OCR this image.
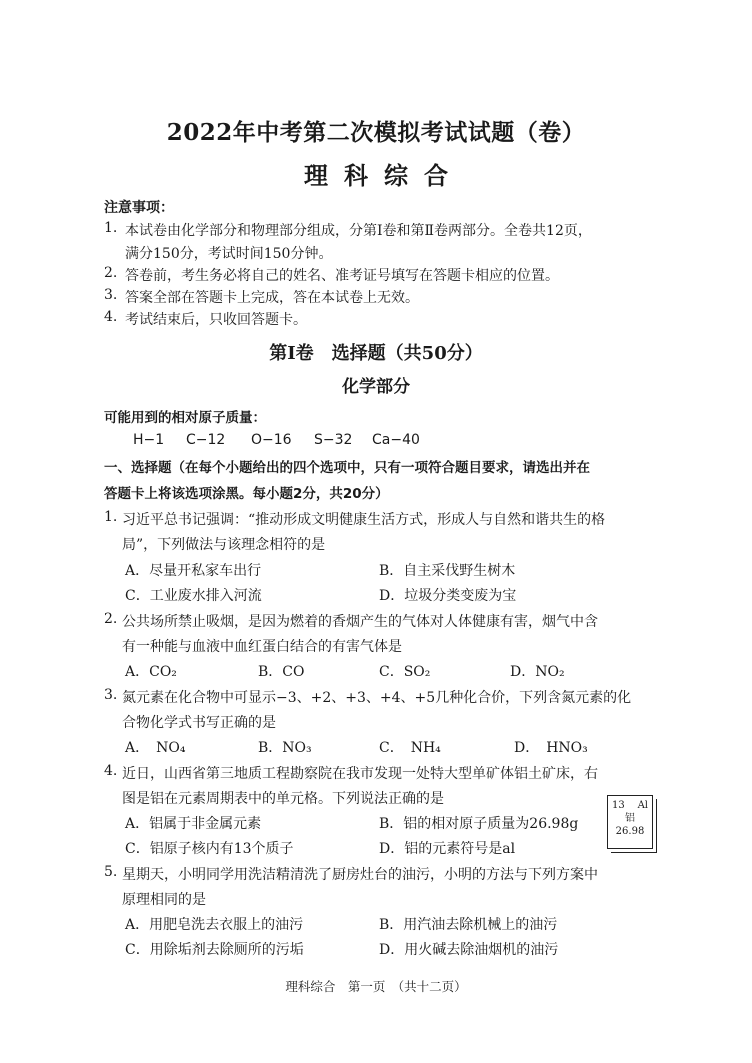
2022年中考第二次模拟考试试题（卷）
理科综合
注意事项：
1. 本试卷由化学部分和物理部分组成，分第Ⅰ卷和第Ⅱ卷两部分。全卷共12页，
满分150分，考试时间150分钟。
2. 答卷前，考生务必将自己的姓名、准考证号填写在答题卡相应的位置。
3. 答案全部在答题卡上完成，答在本试卷上无效。
4. 考试结束后，只收回答题卡。
第Ⅰ卷　选择题（共50分）
化学部分
可能用到的相对原子质量：
H−1 C−12 O−16 S−32 Ca−40
一、选择题（在每个小题给出的四个选项中，只有一项符合题目要求，请选出并在
答题卡上将该选项涂黑。每小题2分，共20分）
1. 习近平总书记强调：“推动形成文明健康生活方式，形成人与自然和谐共生的格
局”，下列做法与该理念相符的是
A．尽量开私家车出行	B．自主采伐野生树木
C．工业废水排入河流	D．垃圾分类变废为宝
2. 公共场所禁止吸烟，是因为燃着的香烟产生的气体对人体健康有害，烟气中含
有一种能与血液中血红蛋白结合的有害气体是
A．CO₂	B．CO	C．SO₂	D．NO₂
3. 氮元素在化合物中可显示−3、+2、+3、+4、+5几种化合价，下列含氮元素的化
合物化学式书写正确的是
A．　NO₄	B．NO₃	C．　NH₄	D．　HNO₃
4. 近日，山西省第三地质工程勘察院在我市发现一处特大型单矿体铝土矿床，右
图是铝在元素周期表中的单元格。下列说法正确的是
A．铝属于非金属元素	B．铝的相对原子质量为26.98g
C．铝原子核内有13个质子	D．铝的元素符号是al
13 Al
铝
26.98
5. 星期天，小明同学用洗洁精清洗了厨房灶台的油污，小明的方法与下列方案中
原理相同的是
A．用肥皂洗去衣服上的油污	B．用汽油去除机械上的油污
C．用除垢剂去除厕所的污垢	D．用火碱去除油烟机的油污
理科综合　第一页　（共十二页）
